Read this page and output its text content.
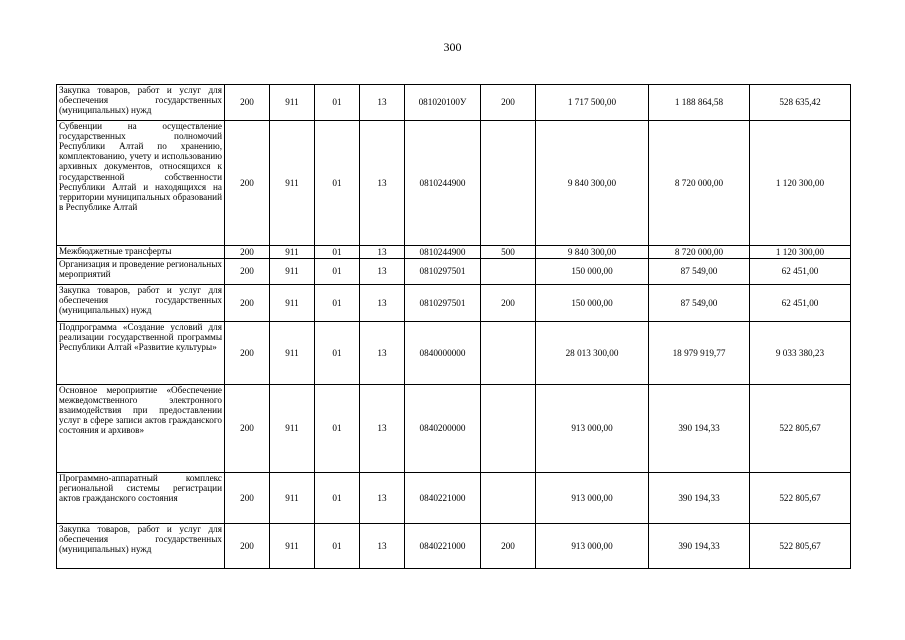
300
Закупка товаров, работ и услуг для обеспечения государственных (муниципальных) нужд	200	911	01	13	081020100У	200	1 717 500,00	1 188 864,58	528 635,42
Субвенции на осуществление государственных полномочий Республики Алтай по хранению, комплектованию, учету и использованию архивных документов, относящихся к государственной собственности Республики Алтай и находящихся на территории муниципальных образований в Республике Алтай	200	911	01	13	0810244900		9 840 300,00	8 720 000,00	1 120 300,00
Межбюджетные трансферты	200	911	01	13	0810244900	500	9 840 300,00	8 720 000,00	1 120 300,00
Организация и проведение региональных мероприятий	200	911	01	13	0810297501		150 000,00	87 549,00	62 451,00
Закупка товаров, работ и услуг для обеспечения государственных (муниципальных) нужд	200	911	01	13	0810297501	200	150 000,00	87 549,00	62 451,00
Подпрограмма «Создание условий для реализации государственной программы Республики Алтай «Развитие культуры»	200	911	01	13	0840000000		28 013 300,00	18 979 919,77	9 033 380,23
Основное мероприятие «Обеспечение межведомственного электронного взаимодействия при предоставлении услуг в сфере записи актов гражданского состояния и архивов»	200	911	01	13	0840200000		913 000,00	390 194,33	522 805,67
Программно-аппаратный комплекс региональной системы регистрации актов гражданского состояния	200	911	01	13	0840221000		913 000,00	390 194,33	522 805,67
Закупка товаров, работ и услуг для обеспечения государственных (муниципальных) нужд	200	911	01	13	0840221000	200	913 000,00	390 194,33	522 805,67
